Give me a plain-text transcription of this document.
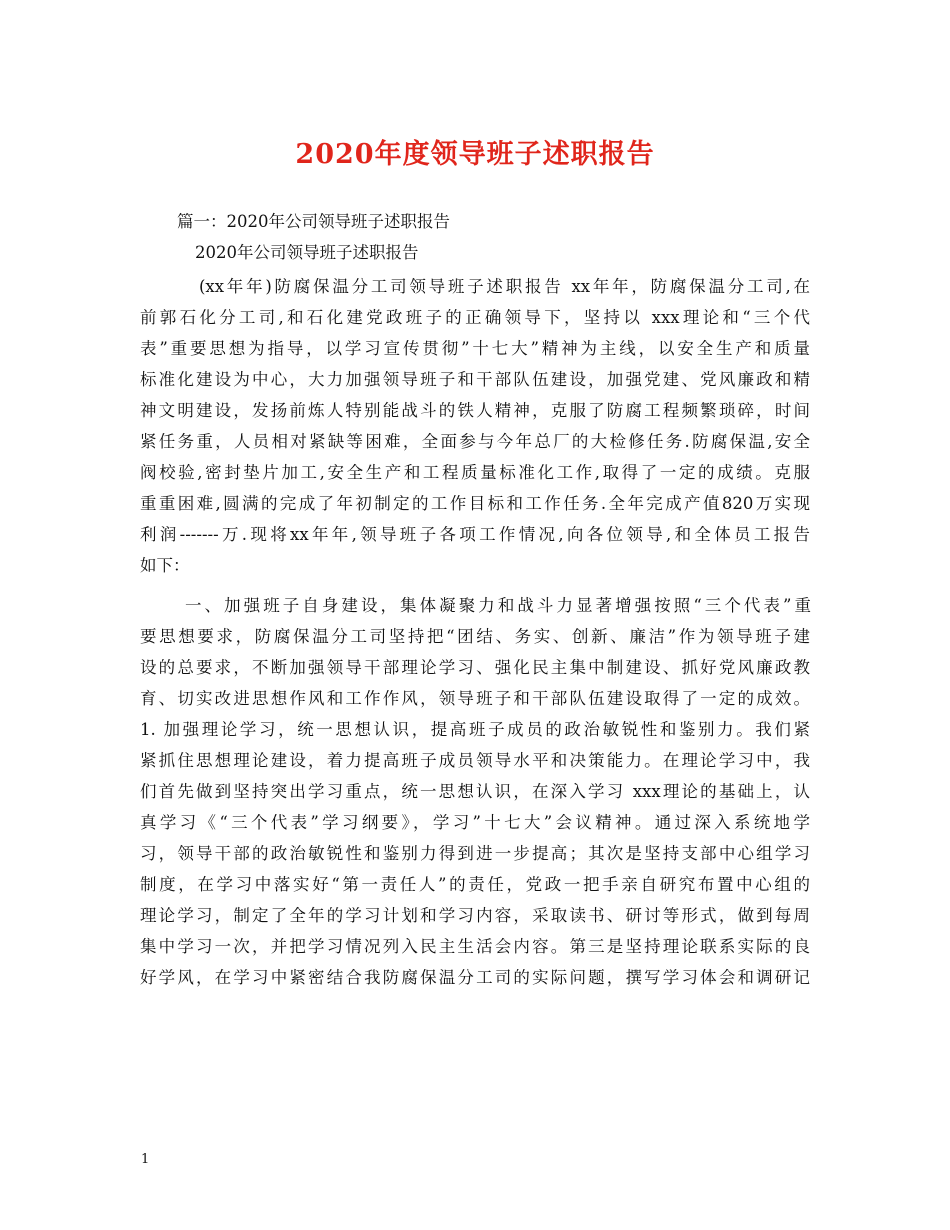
2020年度领导班子述职报告
篇一：2020年公司领导班子述职报告
2020年公司领导班子述职报告
(xx年年)防腐保温分工司领导班子述职报告 xx年年，防腐保温分工司,在
前郭石化分工司,和石化建党政班子的正确领导下，坚持以 xxx理论和“三个代
表”重要思想为指导，以学习宣传贯彻”十七大”精神为主线，以安全生产和质量
标准化建设为中心，大力加强领导班子和干部队伍建设，加强党建、党风廉政和精
神文明建设，发扬前炼人特别能战斗的铁人精神，克服了防腐工程频繁琐碎，时间
紧任务重，人员相对紧缺等困难，全面参与今年总厂的大检修任务.防腐保温,安全
阀校验,密封垫片加工,安全生产和工程质量标准化工作,取得了一定的成绩。克服
重重困难,圆满的完成了年初制定的工作目标和工作任务.全年完成产值820万实现
利润-------万.现将xx年年,领导班子各项工作情况,向各位领导,和全体员工报告
如下：
一、加强班子自身建设，集体凝聚力和战斗力显著增强按照“三个代表”重
要思想要求，防腐保温分工司坚持把“团结、务实、创新、廉洁”作为领导班子建
设的总要求，不断加强领导干部理论学习、强化民主集中制建设、抓好党风廉政教
育、切实改进思想作风和工作作风，领导班子和干部队伍建设取得了一定的成效。
1. 加强理论学习，统一思想认识，提高班子成员的政治敏锐性和鉴别力。我们紧
紧抓住思想理论建设，着力提高班子成员领导水平和决策能力。在理论学习中，我
们首先做到坚持突出学习重点，统一思想认识，在深入学习 xxx理论的基础上，认
真学习《“三个代表”学习纲要》，学习”十七大”会议精神。通过深入系统地学
习，领导干部的政治敏锐性和鉴别力得到进一步提高；其次是坚持支部中心组学习
制度，在学习中落实好“第一责任人”的责任，党政一把手亲自研究布置中心组的
理论学习，制定了全年的学习计划和学习内容，采取读书、研讨等形式，做到每周
集中学习一次，并把学习情况列入民主生活会内容。第三是坚持理论联系实际的良
好学风，在学习中紧密结合我防腐保温分工司的实际问题，撰写学习体会和调研记
1
